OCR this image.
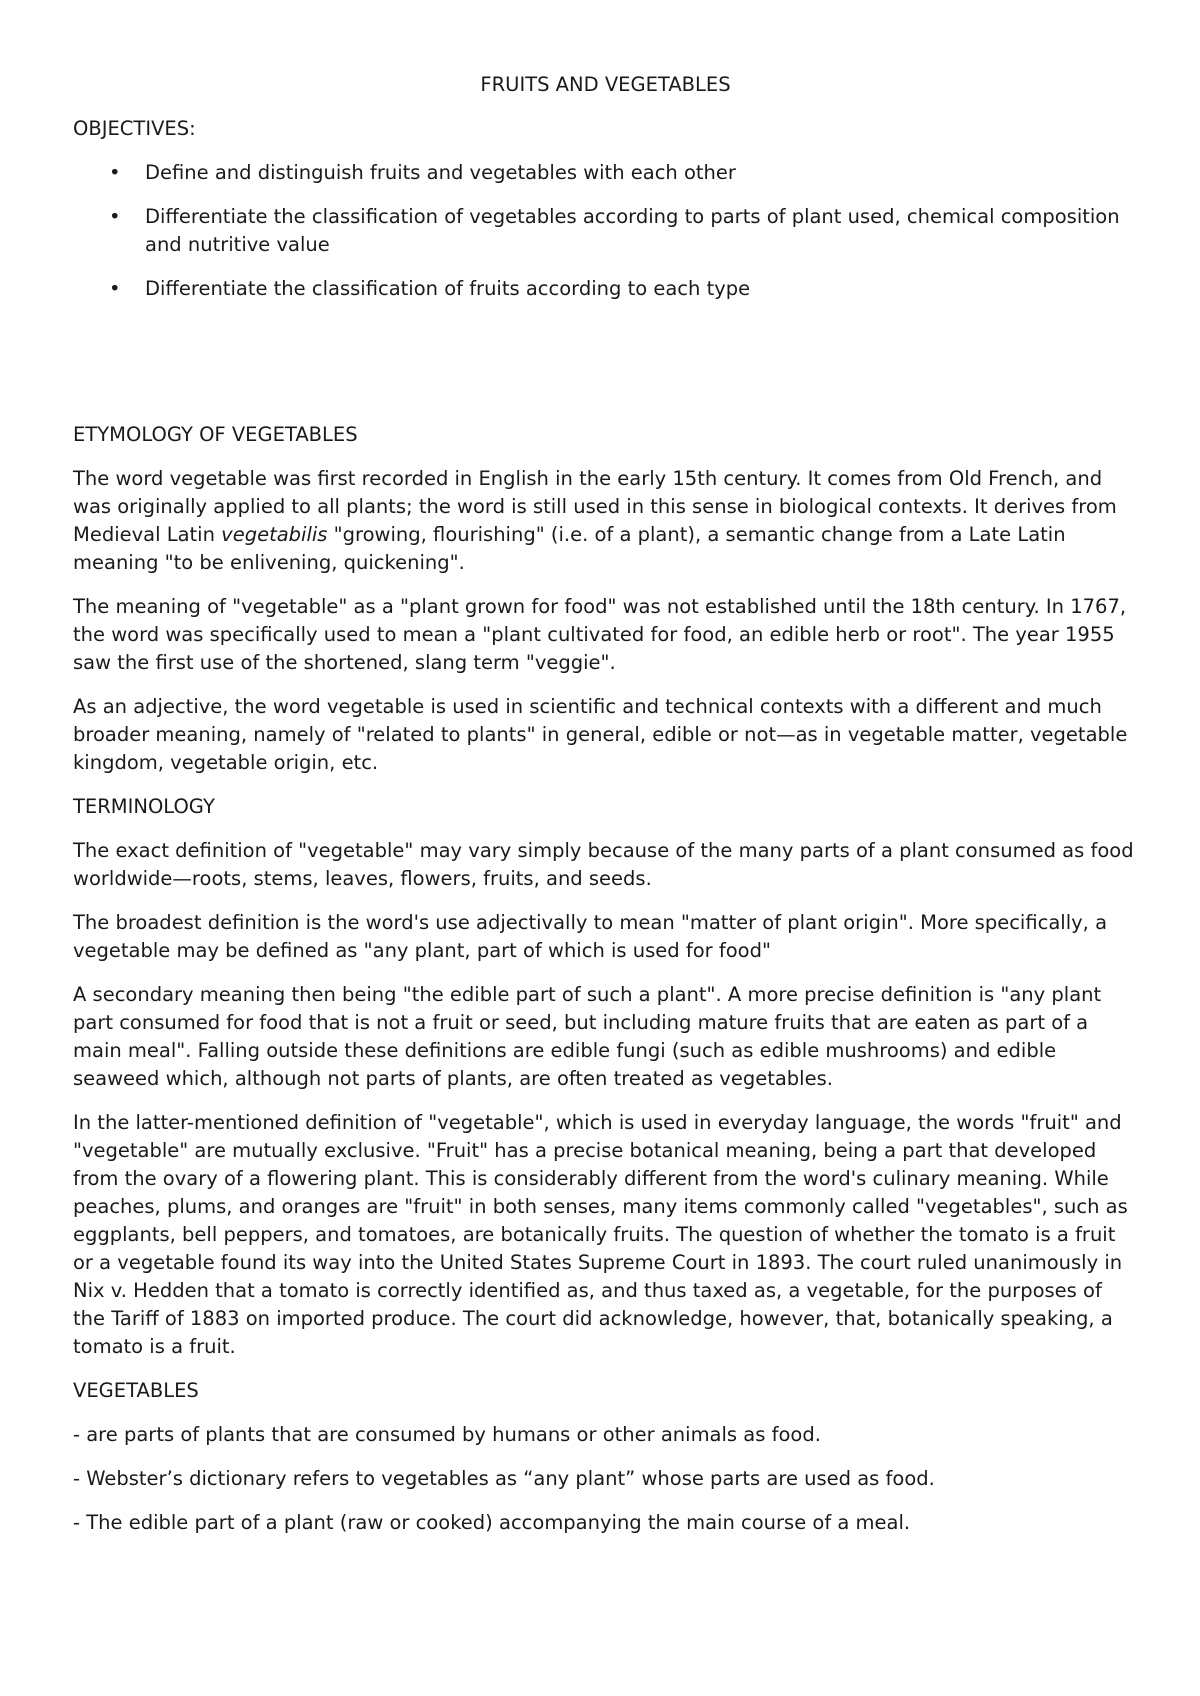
FRUITS AND VEGETABLES
OBJECTIVES:
• Define and distinguish fruits and vegetables with each other
• Differentiate the classification of vegetables according to parts of plant used, chemical composition and nutritive value
• Differentiate the classification of fruits according to each type
ETYMOLOGY OF VEGETABLES

The word vegetable was first recorded in English in the early 15th century. It comes from Old French, and was originally applied to all plants; the word is still used in this sense in biological contexts. It derives from Medieval Latin vegetabilis "growing, flourishing" (i.e. of a plant), a semantic change from a Late Latin meaning "to be enlivening, quickening".

The meaning of "vegetable" as a "plant grown for food" was not established until the 18th century. In 1767, the word was specifically used to mean a "plant cultivated for food, an edible herb or root". The year 1955 saw the first use of the shortened, slang term "veggie".

As an adjective, the word vegetable is used in scientific and technical contexts with a different and much broader meaning, namely of "related to plants" in general, edible or not—as in vegetable matter, vegetable kingdom, vegetable origin, etc.

TERMINOLOGY

The exact definition of "vegetable" may vary simply because of the many parts of a plant consumed as food worldwide—roots, stems, leaves, flowers, fruits, and seeds.

The broadest definition is the word's use adjectivally to mean "matter of plant origin". More specifically, a vegetable may be defined as "any plant, part of which is used for food"

A secondary meaning then being "the edible part of such a plant". A more precise definition is "any plant part consumed for food that is not a fruit or seed, but including mature fruits that are eaten as part of a main meal". Falling outside these definitions are edible fungi (such as edible mushrooms) and edible seaweed which, although not parts of plants, are often treated as vegetables.

In the latter-mentioned definition of "vegetable", which is used in everyday language, the words "fruit" and "vegetable" are mutually exclusive. "Fruit" has a precise botanical meaning, being a part that developed from the ovary of a flowering plant. This is considerably different from the word's culinary meaning. While peaches, plums, and oranges are "fruit" in both senses, many items commonly called "vegetables", such as eggplants, bell peppers, and tomatoes, are botanically fruits. The question of whether the tomato is a fruit or a vegetable found its way into the United States Supreme Court in 1893. The court ruled unanimously in Nix v. Hedden that a tomato is correctly identified as, and thus taxed as, a vegetable, for the purposes of the Tariff of 1883 on imported produce. The court did acknowledge, however, that, botanically speaking, a tomato is a fruit.

VEGETABLES

- are parts of plants that are consumed by humans or other animals as food.

- Webster’s dictionary refers to vegetables as “any plant” whose parts are used as food.

- The edible part of a plant (raw or cooked) accompanying the main course of a meal.
